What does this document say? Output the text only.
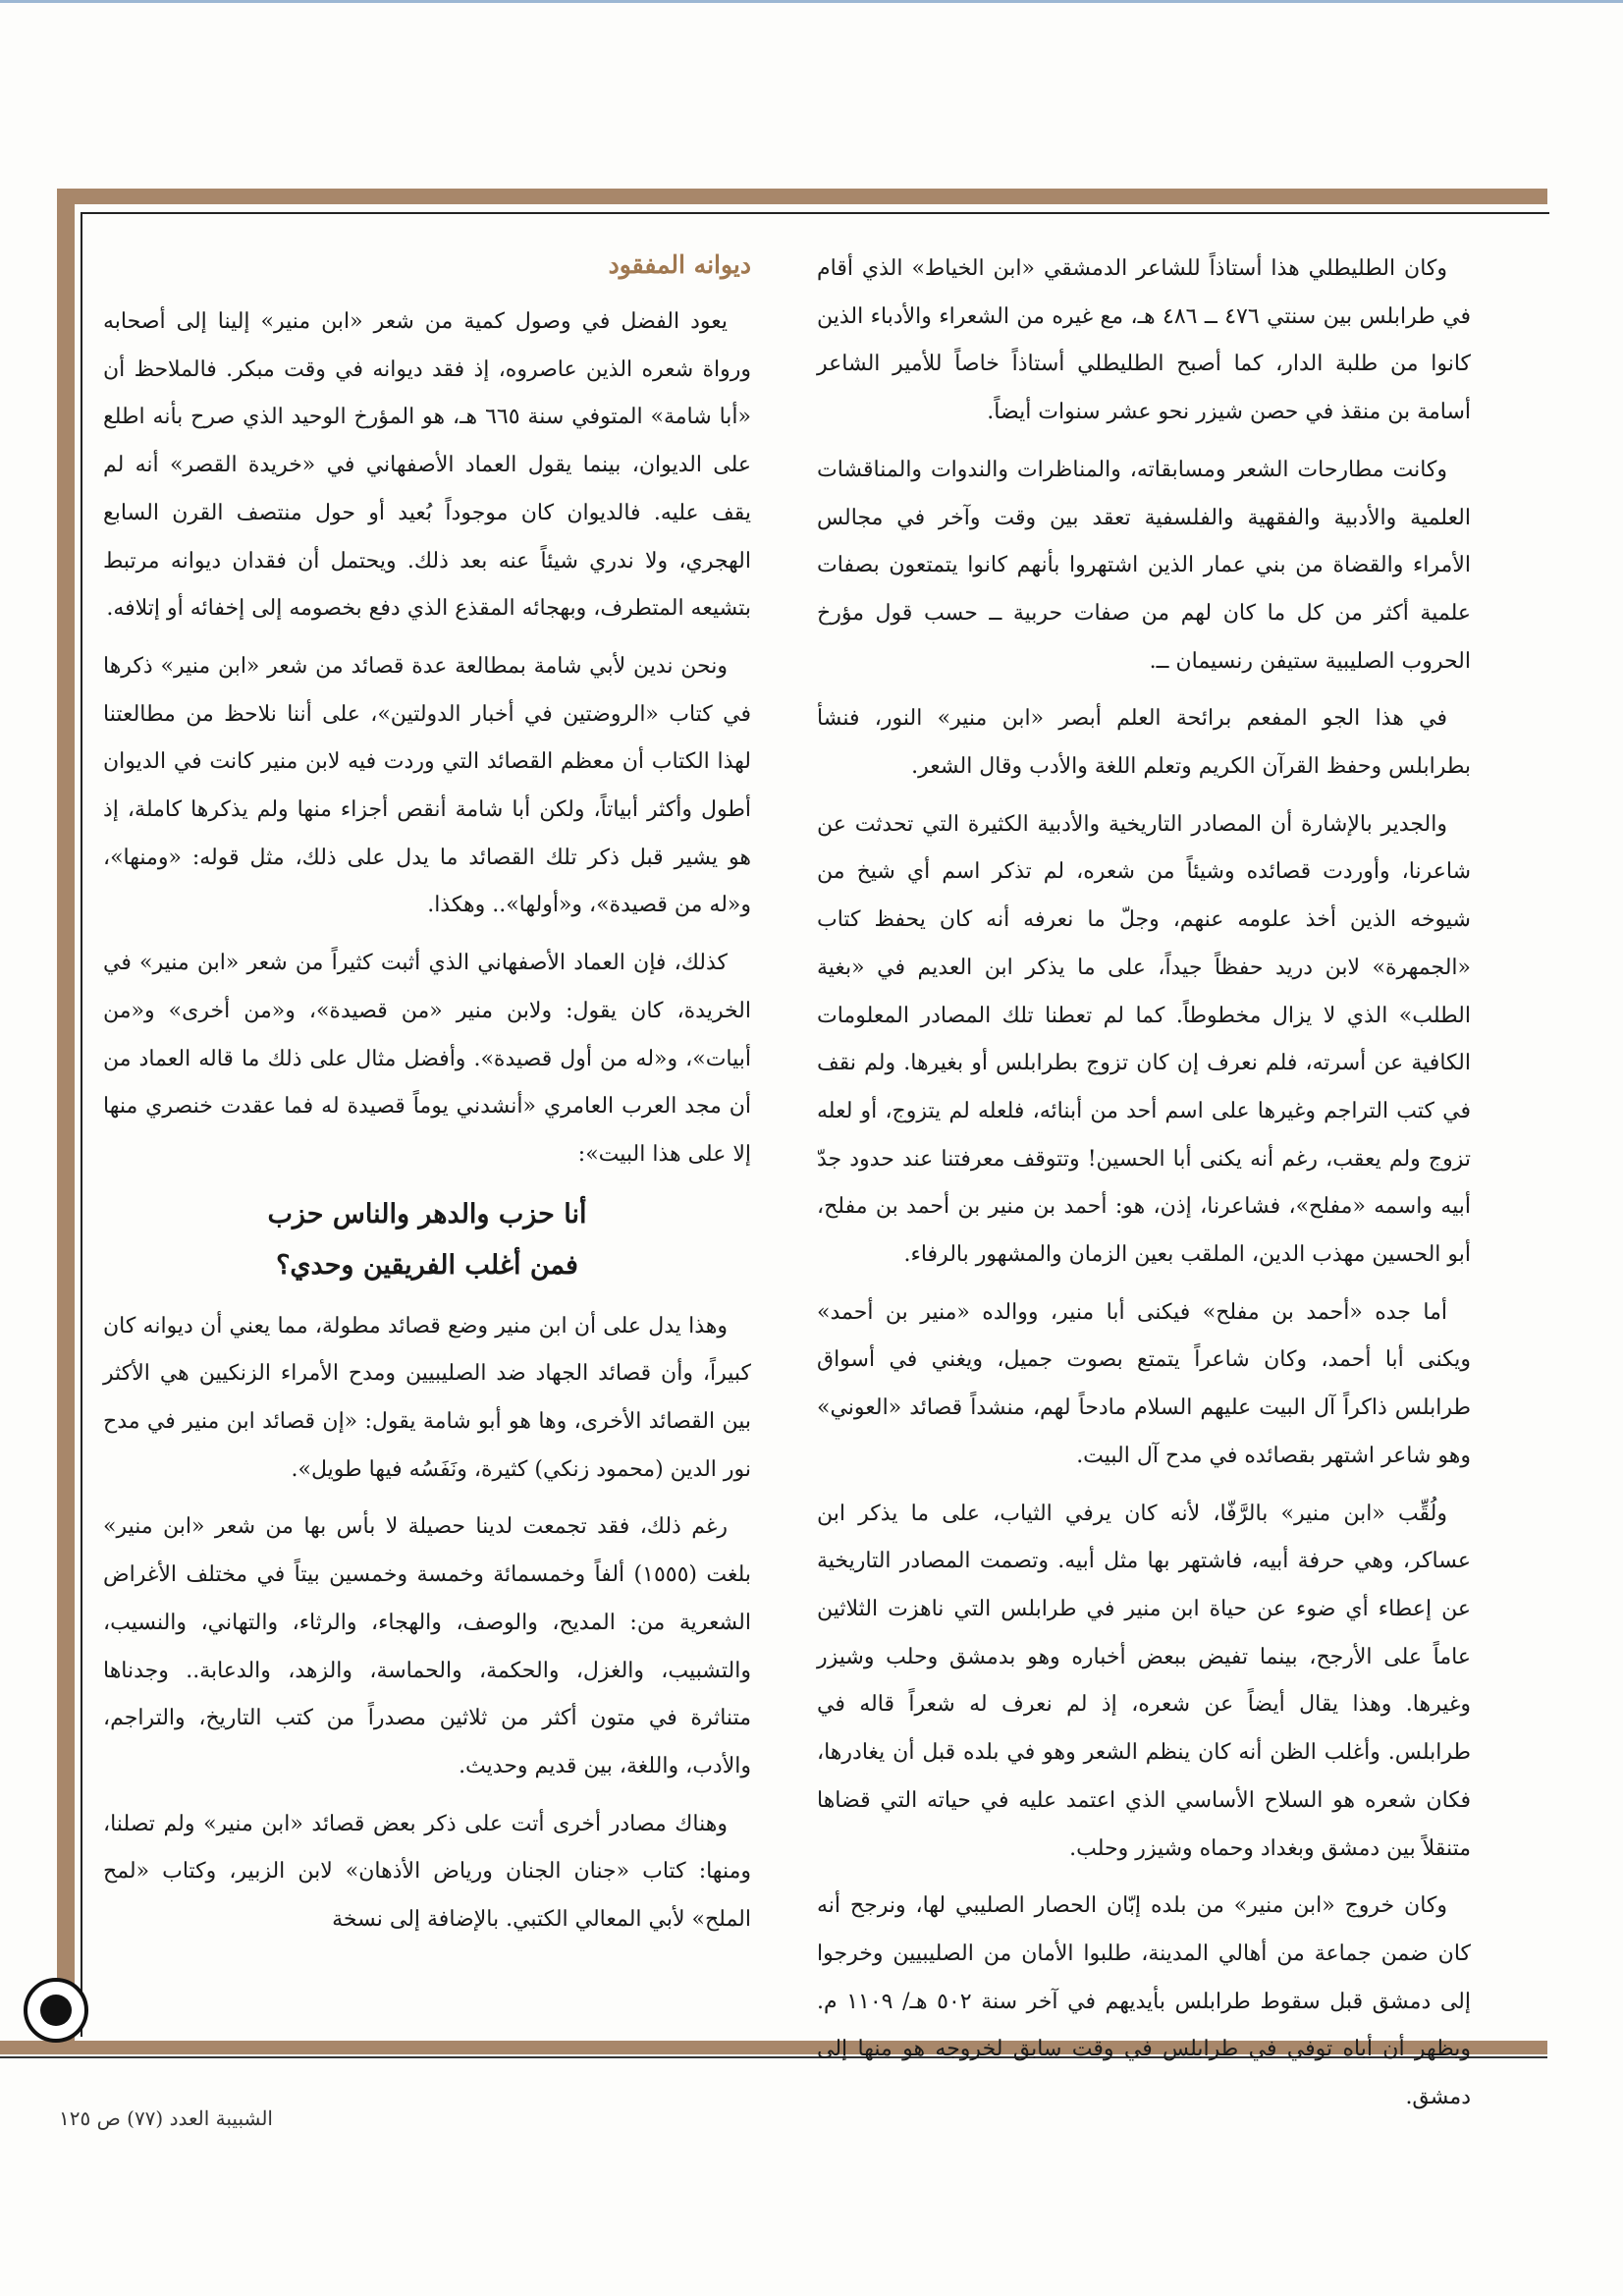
وكان الطليطلي هذا أستاذاً للشاعر الدمشقي «ابن الخياط» الذي أقام في طرابلس بين سنتي ٤٧٦ ــ ٤٨٦ هـ، مع غيره من الشعراء والأدباء الذين كانوا من طلبة الدار، كما أصبح الطليطلي أستاذاً خاصاً للأمير الشاعر أسامة بن منقذ في حصن شيزر نحو عشر سنوات أيضاً.

وكانت مطارحات الشعر ومسابقاته، والمناظرات والندوات والمناقشات العلمية والأدبية والفقهية والفلسفية تعقد بين وقت وآخر في مجالس الأمراء والقضاة من بني عمار الذين اشتهروا بأنهم كانوا يتمتعون بصفات علمية أكثر من كل ما كان لهم من صفات حربية ــ حسب قول مؤرخ الحروب الصليبية ستيفن رنسيمان ــ.

في هذا الجو المفعم برائحة العلم أبصر «ابن منير» النور، فنشأ بطرابلس وحفظ القرآن الكريم وتعلم اللغة والأدب وقال الشعر.

والجدير بالإشارة أن المصادر التاريخية والأدبية الكثيرة التي تحدثت عن شاعرنا، وأوردت قصائده وشيئاً من شعره، لم تذكر اسم أي شيخ من شيوخه الذين أخذ علومه عنهم، وجلّ ما نعرفه أنه كان يحفظ كتاب «الجمهرة» لابن دريد حفظاً جيداً، على ما يذكر ابن العديم في «بغية الطلب» الذي لا يزال مخطوطاً. كما لم تعطنا تلك المصادر المعلومات الكافية عن أسرته، فلم نعرف إن كان تزوج بطرابلس أو بغيرها. ولم نقف في كتب التراجم وغيرها على اسم أحد من أبنائه، فلعله لم يتزوج، أو لعله تزوج ولم يعقب، رغم أنه يكنى أبا الحسين! وتتوقف معرفتنا عند حدود جدّ أبيه واسمه «مفلح»، فشاعرنا، إذن، هو: أحمد بن منير بن أحمد بن مفلح، أبو الحسين مهذب الدين، الملقب بعين الزمان والمشهور بالرفاء.

أما جده «أحمد بن مفلح» فيكنى أبا منير، ووالده «منير بن أحمد» ويكنى أبا أحمد، وكان شاعراً يتمتع بصوت جميل، ويغني في أسواق طرابلس ذاكراً آل البيت عليهم السلام مادحاً لهم، منشداً قصائد «العوني» وهو شاعر اشتهر بقصائده في مدح آل البيت.

ولُقِّب «ابن منير» بالرَّفّا، لأنه كان يرفي الثياب، على ما يذكر ابن عساكر، وهي حرفة أبيه، فاشتهر بها مثل أبيه. وتصمت المصادر التاريخية عن إعطاء أي ضوء عن حياة ابن منير في طرابلس التي ناهزت الثلاثين عاماً على الأرجح، بينما تفيض ببعض أخباره وهو بدمشق وحلب وشيزر وغيرها. وهذا يقال أيضاً عن شعره، إذ لم نعرف له شعراً قاله في طرابلس. وأغلب الظن أنه كان ينظم الشعر وهو في بلده قبل أن يغادرها، فكان شعره هو السلاح الأساسي الذي اعتمد عليه في حياته التي قضاها متنقلاً بين دمشق وبغداد وحماه وشيزر وحلب.

وكان خروج «ابن منير» من بلده إبّان الحصار الصليبي لها، ونرجح أنه كان ضمن جماعة من أهالي المدينة، طلبوا الأمان من الصليبيين وخرجوا إلى دمشق قبل سقوط طرابلس بأيديهم في آخر سنة ٥٠٢ هـ/ ١١٠٩ م. ويظهر أن أباه توفي في طرابلس في وقت سابق لخروجه هو منها إلى دمشق.

ديوانه المفقود

يعود الفضل في وصول كمية من شعر «ابن منير» إلينا إلى أصحابه ورواة شعره الذين عاصروه، إذ فقد ديوانه في وقت مبكر. فالملاحظ أن «أبا شامة» المتوفي سنة ٦٦٥ هـ، هو المؤرخ الوحيد الذي صرح بأنه اطلع على الديوان، بينما يقول العماد الأصفهاني في «خريدة القصر» أنه لم يقف عليه. فالديوان كان موجوداً بُعيد أو حول منتصف القرن السابع الهجري، ولا ندري شيئاً عنه بعد ذلك. ويحتمل أن فقدان ديوانه مرتبط بتشيعه المتطرف، وبهجائه المقذع الذي دفع بخصومه إلى إخفائه أو إتلافه.

ونحن ندين لأبي شامة بمطالعة عدة قصائد من شعر «ابن منير» ذكرها في كتاب «الروضتين في أخبار الدولتين»، على أننا نلاحظ من مطالعتنا لهذا الكتاب أن معظم القصائد التي وردت فيه لابن منير كانت في الديوان أطول وأكثر أبياتاً، ولكن أبا شامة أنقص أجزاء منها ولم يذكرها كاملة، إذ هو يشير قبل ذكر تلك القصائد ما يدل على ذلك، مثل قوله: «ومنها»، و«له من قصيدة»، و«أولها».. وهكذا.

كذلك، فإن العماد الأصفهاني الذي أثبت كثيراً من شعر «ابن منير» في الخريدة، كان يقول: ولابن منير «من قصيدة»، و«من أخرى» و«من أبيات»، و«له من أول قصيدة». وأفضل مثال على ذلك ما قاله العماد من أن مجد العرب العامري «أنشدني يوماً قصيدة له فما عقدت خنصري منها إلا على هذا البيت»:

أنا حزب والدهر والناس حزب
فمن أغلب الفريقين وحدي؟

وهذا يدل على أن ابن منير وضع قصائد مطولة، مما يعني أن ديوانه كان كبيراً، وأن قصائد الجهاد ضد الصليبيين ومدح الأمراء الزنكيين هي الأكثر بين القصائد الأخرى، وها هو أبو شامة يقول: «إن قصائد ابن منير في مدح نور الدين (محمود زنكي) كثيرة، ونَفَسُه فيها طويل».

رغم ذلك، فقد تجمعت لدينا حصيلة لا بأس بها من شعر «ابن منير» بلغت (١٥٥٥) ألفاً وخمسمائة وخمسة وخمسين بيتاً في مختلف الأغراض الشعرية من: المديح، والوصف، والهجاء، والرثاء، والتهاني، والنسيب، والتشبيب، والغزل، والحكمة، والحماسة، والزهد، والدعابة.. وجدناها متناثرة في متون أكثر من ثلاثين مصدراً من كتب التاريخ، والتراجم، والأدب، واللغة، بين قديم وحديث.

وهناك مصادر أخرى أتت على ذكر بعض قصائد «ابن منير» ولم تصلنا، ومنها: كتاب «جنان الجنان ورياض الأذهان» لابن الزبير، وكتاب «لمح الملح» لأبي المعالي الكتبي. بالإضافة إلى نسخة

الشبيبة العدد (٧٧) ص ١٢٥
